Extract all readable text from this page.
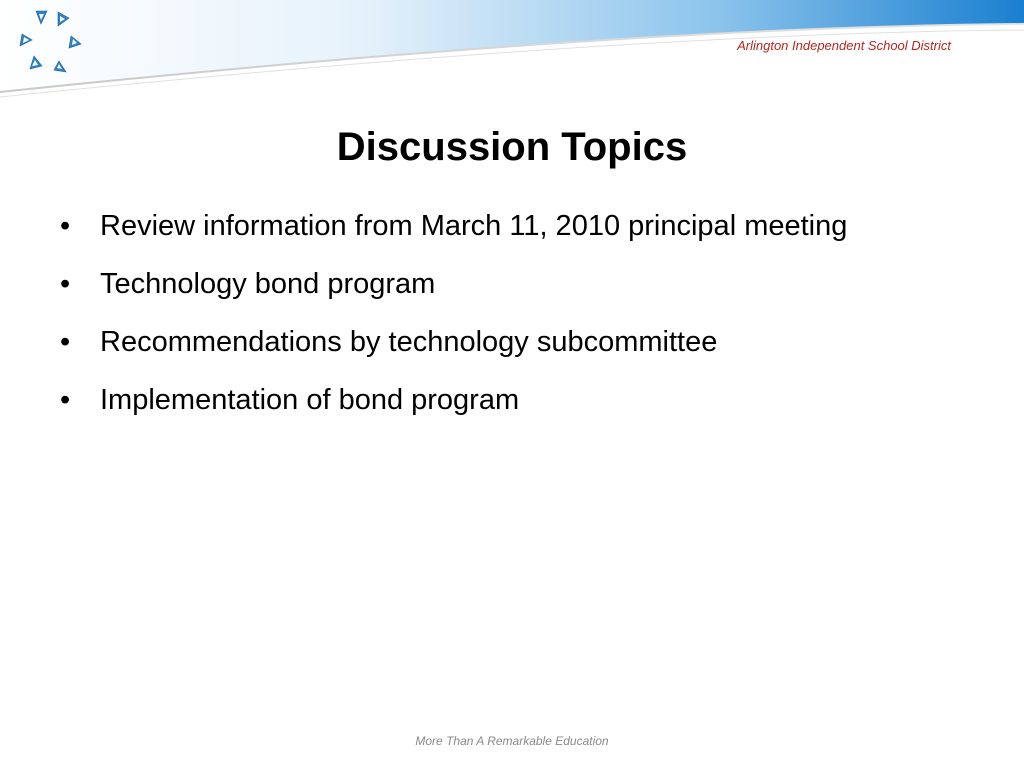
Arlington Independent School District
Discussion Topics
•	Review information from March 11, 2010 principal meeting
•	Technology bond program
•	Recommendations by technology subcommittee
•	Implementation of bond program
More Than A Remarkable Education
